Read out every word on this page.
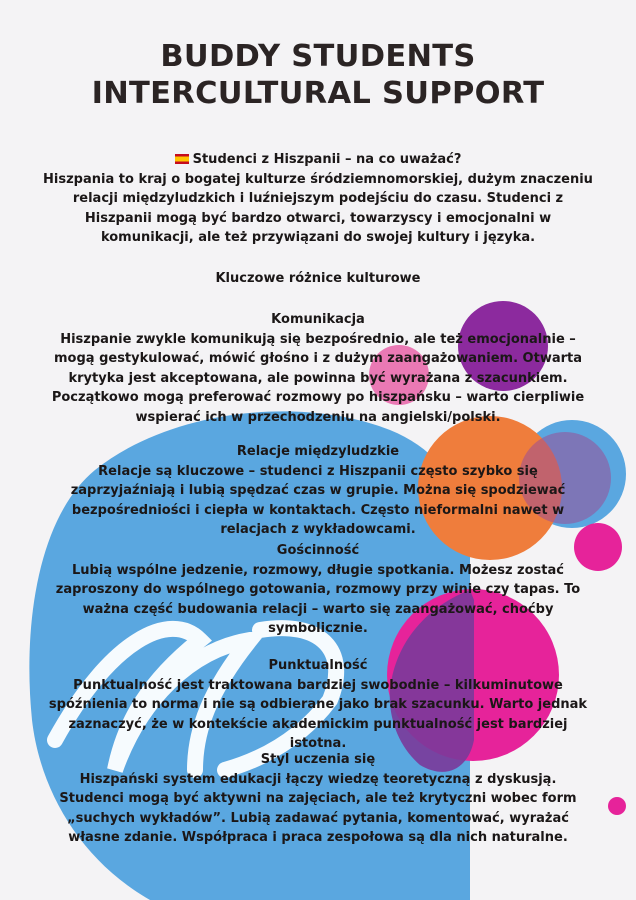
BUDDY STUDENTS
INTERCULTURAL SUPPORT
Studenci z Hiszpanii – na co uważać?
Hiszpania to kraj o bogatej kulturze śródziemnomorskiej, dużym znaczeniu relacji międzyludzkich i luźniejszym podejściu do czasu. Studenci z Hiszpanii mogą być bardzo otwarci, towarzyscy i emocjonalni w komunikacji, ale też przywiązani do swojej kultury i języka.
Kluczowe różnice kulturowe
Komunikacja
Hiszpanie zwykle komunikują się bezpośrednio, ale też emocjonalnie – mogą gestykulować, mówić głośno i z dużym zaangażowaniem. Otwarta krytyka jest akceptowana, ale powinna być wyrażana z szacunkiem. Początkowo mogą preferować rozmowy po hiszpańsku – warto cierpliwie wspierać ich w przechodzeniu na angielski/polski.
Relacje międzyludzkie
Relacje są kluczowe – studenci z Hiszpanii często szybko się zaprzyjaźniają i lubią spędzać czas w grupie. Można się spodziewać bezpośredniości i ciepła w kontaktach. Często nieformalni nawet w relacjach z wykładowcami.
Gościnność
Lubią wspólne jedzenie, rozmowy, długie spotkania. Możesz zostać zaproszony do wspólnego gotowania, rozmowy przy winie czy tapas. To ważna część budowania relacji – warto się zaangażować, choćby symbolicznie.
Punktualność
Punktualność jest traktowana bardziej swobodnie – kilkuminutowe spóźnienia to norma i nie są odbierane jako brak szacunku. Warto jednak zaznaczyć, że w kontekście akademickim punktualność jest bardziej istotna.
Styl uczenia się
Hiszpański system edukacji łączy wiedzę teoretyczną z dyskusją. Studenci mogą być aktywni na zajęciach, ale też krytyczni wobec form „suchych wykładów”. Lubią zadawać pytania, komentować, wyrażać własne zdanie. Współpraca i praca zespołowa są dla nich naturalne.
